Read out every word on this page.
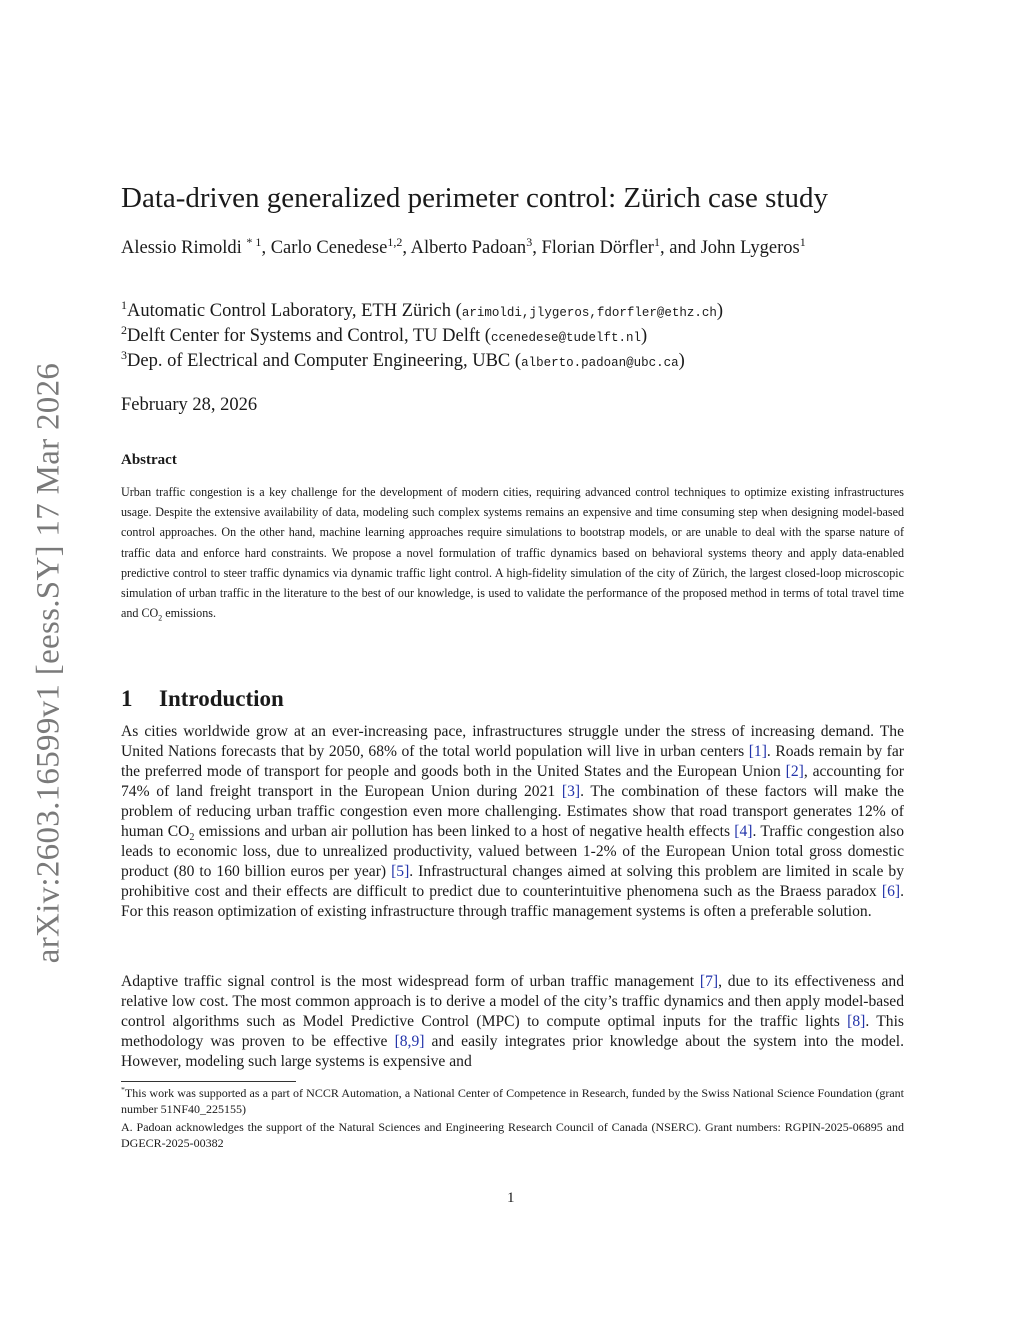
arXiv:2603.16599v1 [eess.SY] 17 Mar 2026
Data-driven generalized perimeter control: Zürich case study
Alessio Rimoldi $^{* 1}$, Carlo Cenedese$^{1,2}$, Alberto Padoan$^3$, Florian Dörfler$^1$, and John Lygeros$^1$
$^1$Automatic Control Laboratory, ETH Zürich (arimoldi,jlygeros,fdorfler@ethz.ch)
$^2$Delft Center for Systems and Control, TU Delft (ccenedese@tudelft.nl)
$^3$Dep. of Electrical and Computer Engineering, UBC (alberto.padoan@ubc.ca)
February 28, 2026
Abstract
Urban traffic congestion is a key challenge for the development of modern cities, requiring advanced control techniques to optimize existing infrastructures usage. Despite the extensive availability of data, modeling such complex systems remains an expensive and time consuming step when designing model-based control approaches. On the other hand, machine learning approaches require simulations to bootstrap models, or are unable to deal with the sparse nature of traffic data and enforce hard constraints. We propose a novel formulation of traffic dynamics based on behavioral systems theory and apply data-enabled predictive control to steer traffic dynamics via dynamic traffic light control. A high-fidelity simulation of the city of Zürich, the largest closed-loop microscopic simulation of urban traffic in the literature to the best of our knowledge, is used to validate the performance of the proposed method in terms of total travel time and $CO_2$ emissions.
1 Introduction
As cities worldwide grow at an ever-increasing pace, infrastructures struggle under the stress of increasing demand. The United Nations forecasts that by 2050, 68% of the total world population will live in urban centers [1]. Roads remain by far the preferred mode of transport for people and goods both in the United States and the European Union [2], accounting for 74% of land freight transport in the European Union during 2021 [3]. The combination of these factors will make the problem of reducing urban traffic congestion even more challenging. Estimates show that road transport generates 12% of human $CO_2$ emissions and urban air pollution has been linked to a host of negative health effects [4]. Traffic congestion also leads to economic loss, due to unrealized productivity, valued between 1-2% of the European Union total gross domestic product (80 to 160 billion euros per year) [5]. Infrastructural changes aimed at solving this problem are limited in scale by prohibitive cost and their effects are difficult to predict due to counterintuitive phenomena such as the Braess paradox [6]. For this reason optimization of existing infrastructure through traffic management systems is often a preferable solution.
Adaptive traffic signal control is the most widespread form of urban traffic management [7], due to its effectiveness and relative low cost. The most common approach is to derive a model of the city’s traffic dynamics and then apply model-based control algorithms such as Model Predictive Control (MPC) to compute optimal inputs for the traffic lights [8]. This methodology was proven to be effective [8,9] and easily integrates prior knowledge about the system into the model. However, modeling such large systems is expensive and

*This work was supported as a part of NCCR Automation, a National Center of Competence in Research, funded by the Swiss National Science Foundation (grant number 51NF40_225155)

A. Padoan acknowledges the support of the Natural Sciences and Engineering Research Council of Canada (NSERC). Grant numbers: RGPIN-2025-06895 and DGECR-2025-00382

1
